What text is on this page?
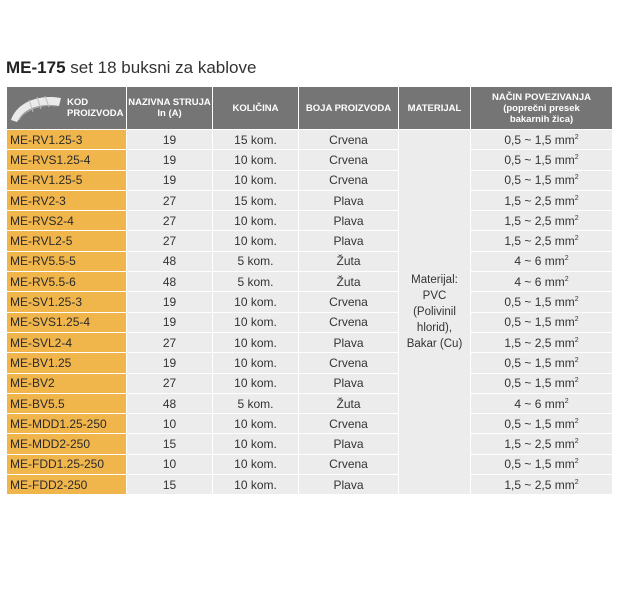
ME-175 set 18 buksni za kablove
KOD
PROIZVODA	NAZIVNA STRUJA
In (A)	KOLIČINA	BOJA PROIZVODA	MATERIJAL	NAČIN POVEZIVANJA
(poprečni presek
bakarnih žica)
ME-RV1.25-3	19	15 kom.	Crvena	Materijal:
PVC
(Polivinil
hlorid),
Bakar (Cu)	0,5 ~ 1,5 $mm^2$
ME-RVS1.25-4	19	10 kom.	Crvena		0,5 ~ 1,5 $mm^2$
ME-RV1.25-5	19	10 kom.	Crvena		0,5 ~ 1,5 $mm^2$
ME-RV2-3	27	15 kom.	Plava		1,5 ~ 2,5 $mm^2$
ME-RVS2-4	27	10 kom.	Plava		1,5 ~ 2,5 $mm^2$
ME-RVL2-5	27	10 kom.	Plava		1,5 ~ 2,5 $mm^2$
ME-RV5.5-5	48	5 kom.	Žuta		4 ~ 6 $mm^2$
ME-RV5.5-6	48	5 kom.	Žuta		4 ~ 6 $mm^2$
ME-SV1.25-3	19	10 kom.	Crvena		0,5 ~ 1,5 $mm^2$
ME-SVS1.25-4	19	10 kom.	Crvena		0,5 ~ 1,5 $mm^2$
ME-SVL2-4	27	10 kom.	Plava		1,5 ~ 2,5 $mm^2$
ME-BV1.25	19	10 kom.	Crvena		0,5 ~ 1,5 $mm^2$
ME-BV2	27	10 kom.	Plava		0,5 ~ 1,5 $mm^2$
ME-BV5.5	48	5 kom.	Žuta		4 ~ 6 $mm^2$
ME-MDD1.25-250	10	10 kom.	Crvena		0,5 ~ 1,5 $mm^2$
ME-MDD2-250	15	10 kom.	Plava		1,5 ~ 2,5 $mm^2$
ME-FDD1.25-250	10	10 kom.	Crvena		0,5 ~ 1,5 $mm^2$
ME-FDD2-250	15	10 kom.	Plava		1,5 ~ 2,5 $mm^2$
